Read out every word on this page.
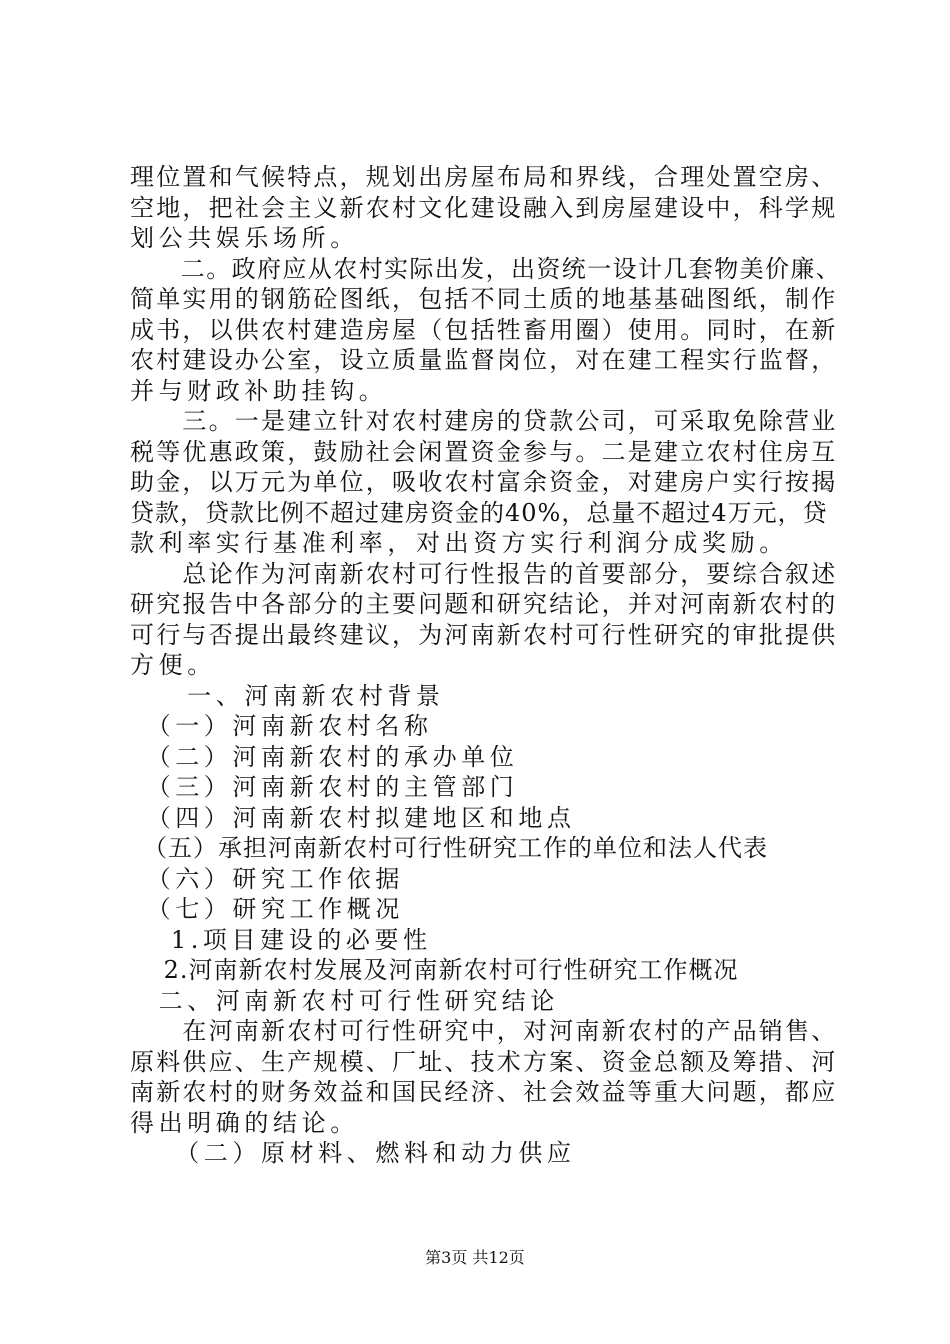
理位置和气候特点，规划出房屋布局和界线，合理处置空房、
空地，把社会主义新农村文化建设融入到房屋建设中，科学规
划公共娱乐场所。
　　二。政府应从农村实际出发，出资统一设计几套物美价廉、
简单实用的钢筋砼图纸，包括不同土质的地基基础图纸，制作
成书，以供农村建造房屋（包括牲畜用圈）使用。同时，在新
农村建设办公室，设立质量监督岗位，对在建工程实行监督，
并与财政补助挂钩。
　　三。一是建立针对农村建房的贷款公司，可采取免除营业
税等优惠政策，鼓励社会闲置资金参与。二是建立农村住房互
助金，以万元为单位，吸收农村富余资金，对建房户实行按揭
贷款，贷款比例不超过建房资金的40%，总量不超过4万元，贷
款利率实行基准利率，对出资方实行利润分成奖励。
　　总论作为河南新农村可行性报告的首要部分，要综合叙述
研究报告中各部分的主要问题和研究结论，并对河南新农村的
可行与否提出最终建议，为河南新农村可行性研究的审批提供
方便。
　　一、河南新农村背景
　（一）河南新农村名称
　（二）河南新农村的承办单位
　（三）河南新农村的主管部门
　（四）河南新农村拟建地区和地点
　（五）承担河南新农村可行性研究工作的单位和法人代表
　（六）研究工作依据
　（七）研究工作概况
　 1.项目建设的必要性
　 2.河南新农村发展及河南新农村可行性研究工作概况
　二、河南新农村可行性研究结论
　　在河南新农村可行性研究中，对河南新农村的产品销售、
原料供应、生产规模、厂址、技术方案、资金总额及筹措、河
南新农村的财务效益和国民经济、社会效益等重大问题，都应
得出明确的结论。
　　（二）原材料、燃料和动力供应
第3页 共12页
